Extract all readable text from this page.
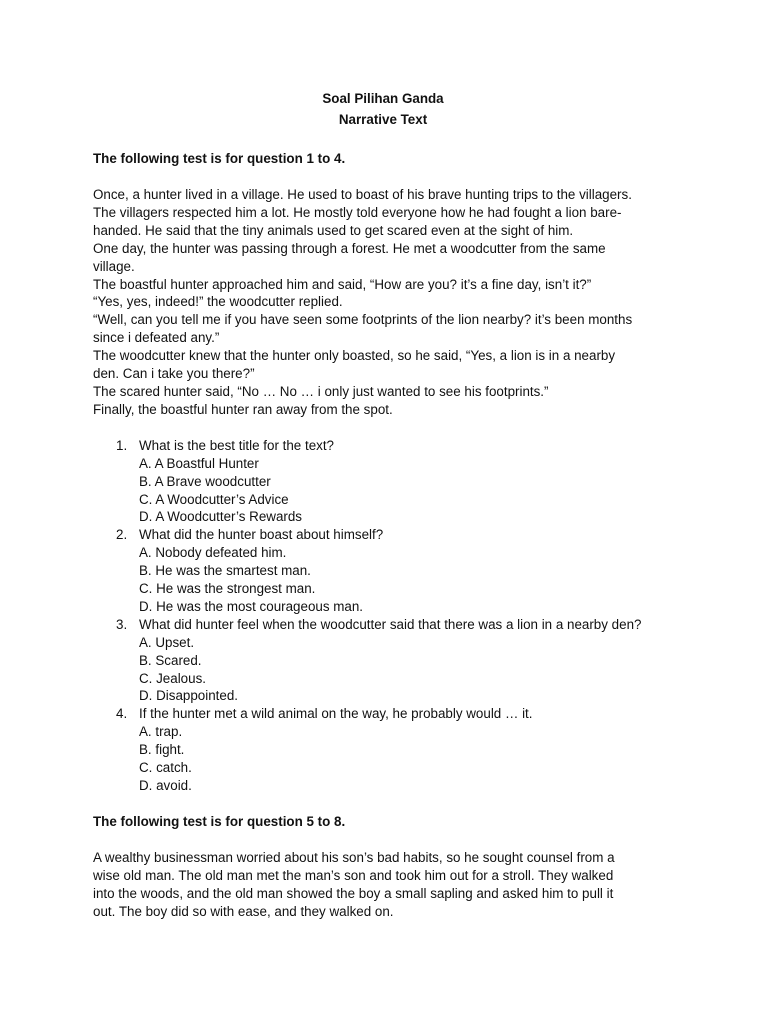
Soal Pilihan Ganda
Narrative Text
The following test is for question 1 to 4.
Once, a hunter lived in a village. He used to boast of his brave hunting trips to the villagers.
The villagers respected him a lot. He mostly told everyone how he had fought a lion bare-
handed. He said that the tiny animals used to get scared even at the sight of him.
One day, the hunter was passing through a forest. He met a woodcutter from the same
village.
The boastful hunter approached him and said, “How are you? it’s a fine day, isn’t it?”
“Yes, yes, indeed!” the woodcutter replied.
“Well, can you tell me if you have seen some footprints of the lion nearby? it’s been months
since i defeated any.”
The woodcutter knew that the hunter only boasted, so he said, “Yes, a lion is in a nearby
den. Can i take you there?”
The scared hunter said, “No … No … i only just wanted to see his footprints.”
Finally, the boastful hunter ran away from the spot.
1. What is the best title for the text?
A. A Boastful Hunter
B. A Brave woodcutter
C. A Woodcutter’s Advice
D. A Woodcutter’s Rewards
2. What did the hunter boast about himself?
A. Nobody defeated him.
B. He was the smartest man.
C. He was the strongest man.
D. He was the most courageous man.
3. What did hunter feel when the woodcutter said that there was a lion in a nearby den?
A. Upset.
B. Scared.
C. Jealous.
D. Disappointed.
4. If the hunter met a wild animal on the way, he probably would … it.
A. trap.
B. fight.
C. catch.
D. avoid.
The following test is for question 5 to 8.
A wealthy businessman worried about his son’s bad habits, so he sought counsel from a
wise old man. The old man met the man’s son and took him out for a stroll. They walked
into the woods, and the old man showed the boy a small sapling and asked him to pull it
out. The boy did so with ease, and they walked on.
